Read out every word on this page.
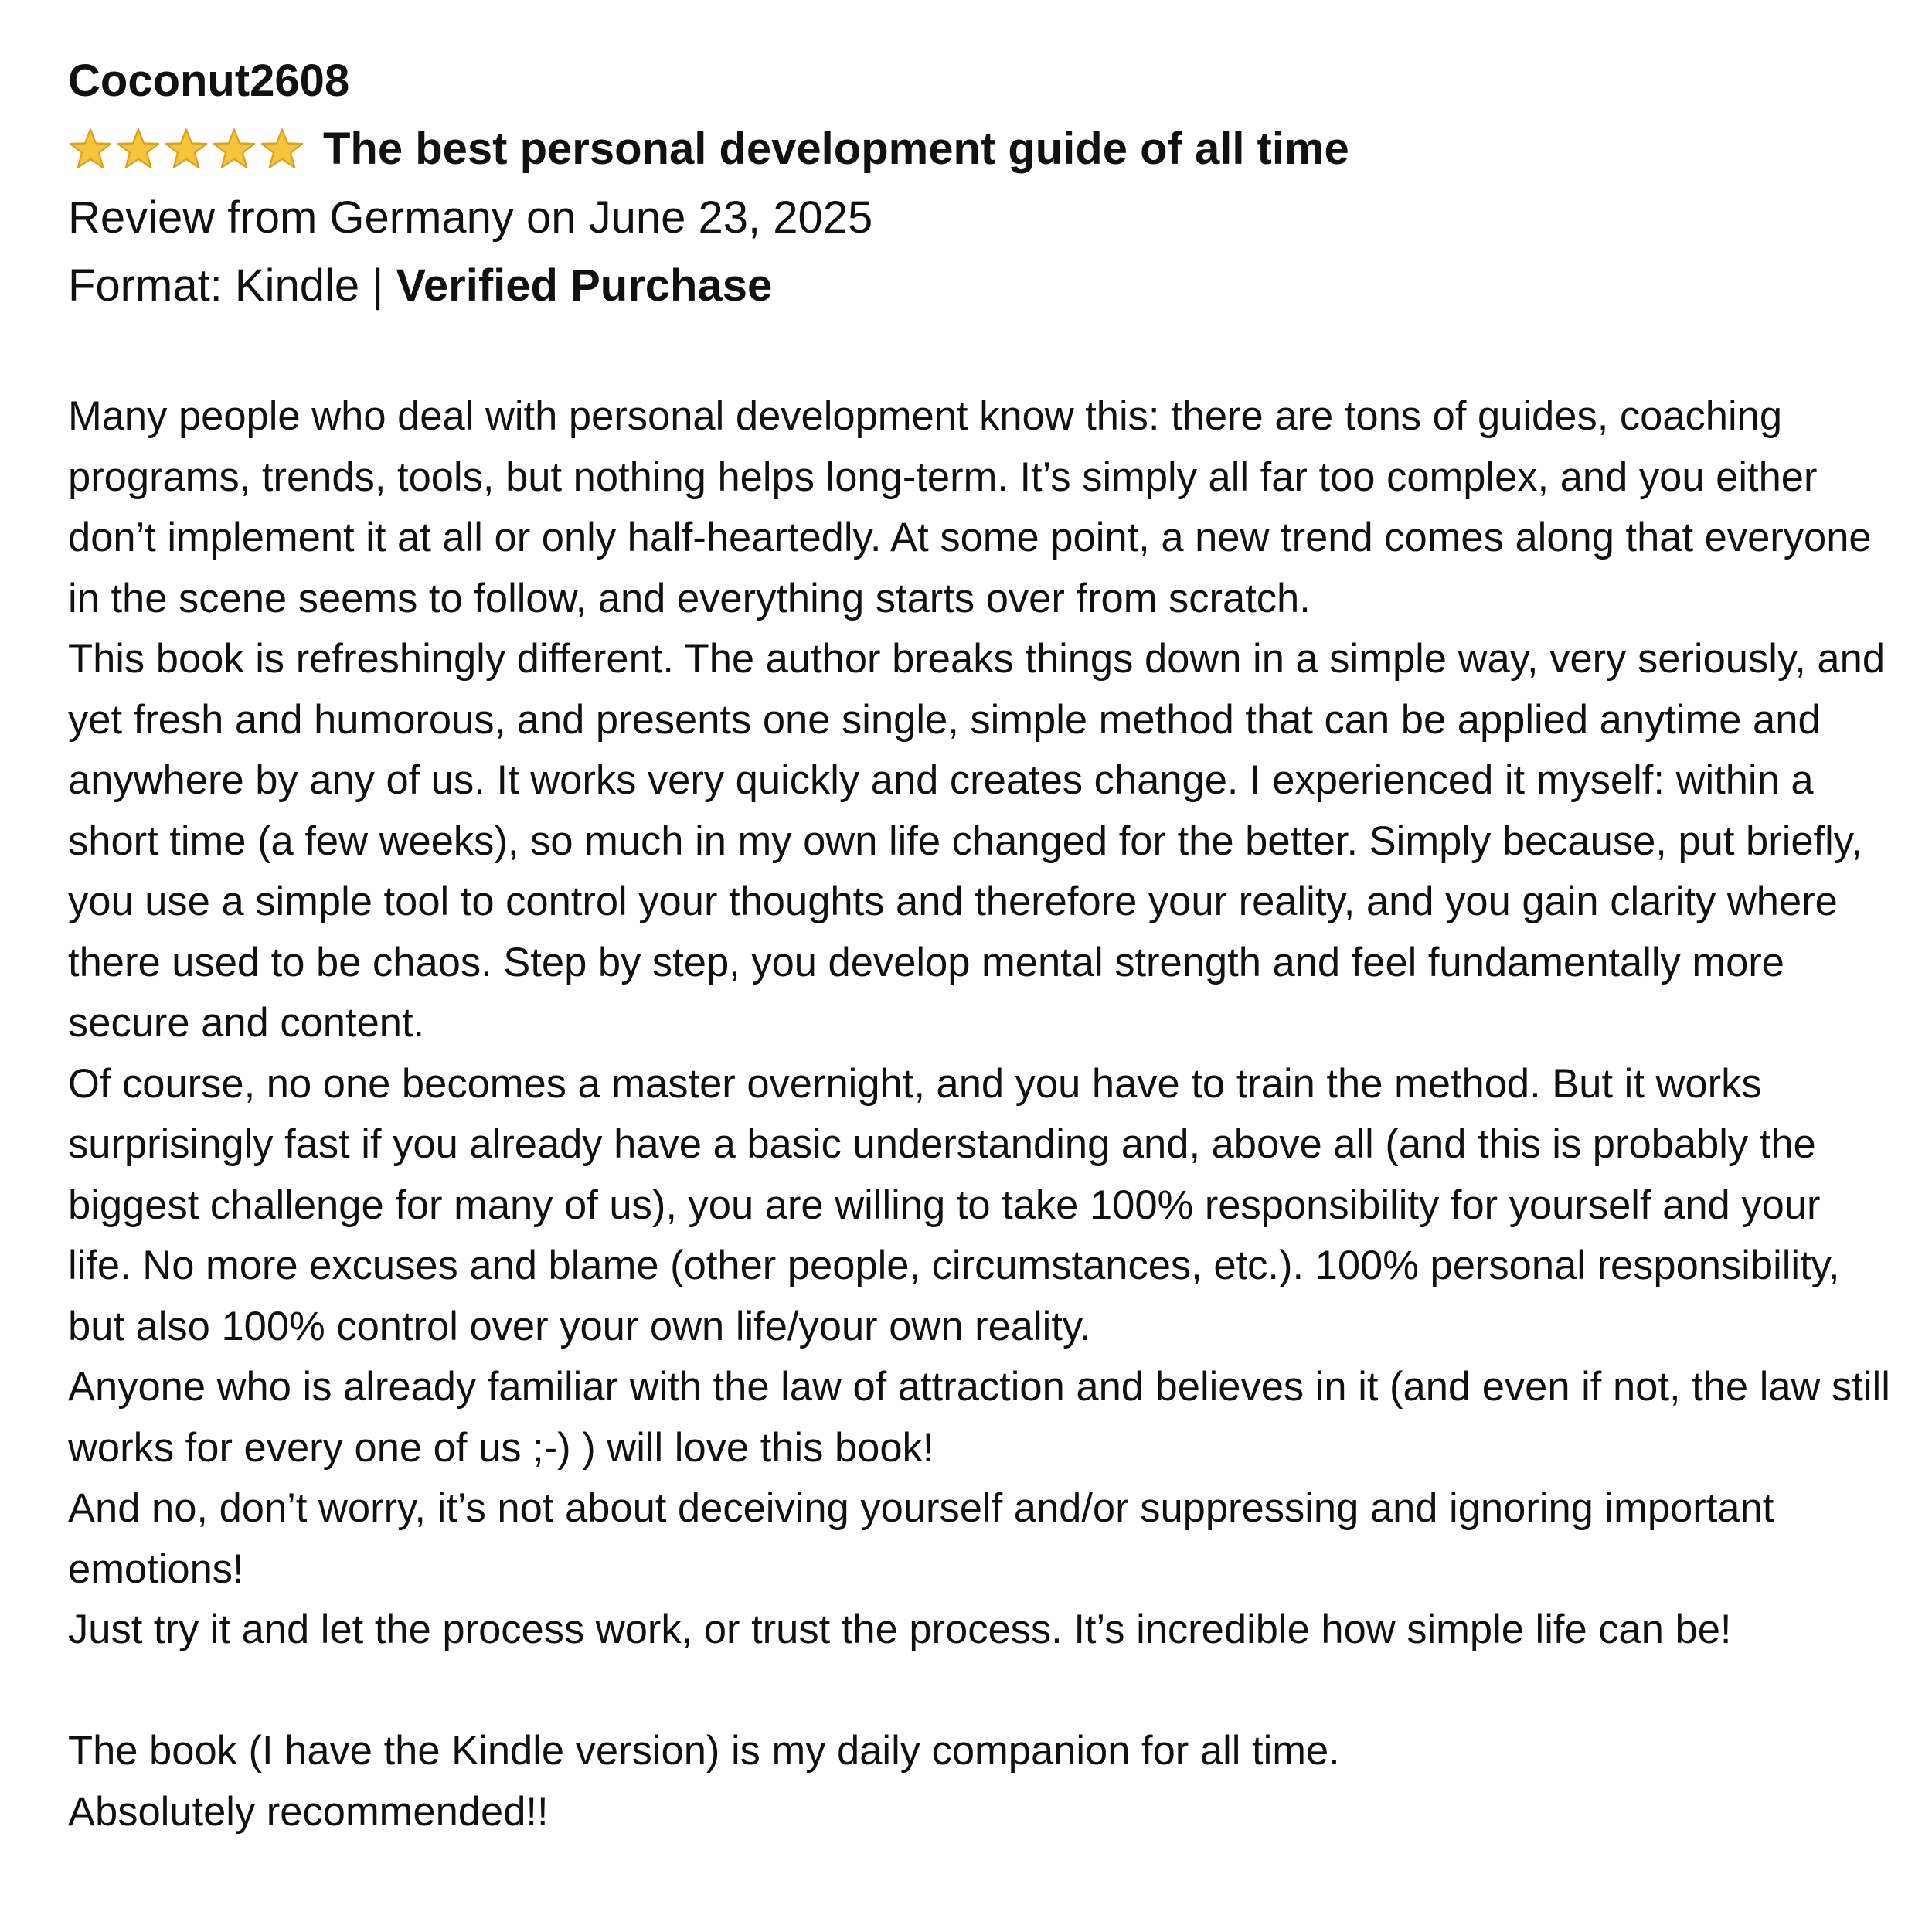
Coconut2608
The best personal development guide of all time

Review from Germany on June 23, 2025

Format: Kindle | Verified Purchase

Many people who deal with personal development know this: there are tons of guides, coaching programs, trends, tools, but nothing helps long-term. It’s simply all far too complex, and you either don’t implement it at all or only half-heartedly. At some point, a new trend comes along that everyone in the scene seems to follow, and everything starts over from scratch.

This book is refreshingly different. The author breaks things down in a simple way, very seriously, and yet fresh and humorous, and presents one single, simple method that can be applied anytime and anywhere by any of us. It works very quickly and creates change. I experienced it myself: within a short time (a few weeks), so much in my own life changed for the better. Simply because, put briefly, you use a simple tool to control your thoughts and therefore your reality, and you gain clarity where there used to be chaos. Step by step, you develop mental strength and feel fundamentally more secure and content.

Of course, no one becomes a master overnight, and you have to train the method. But it works surprisingly fast if you already have a basic understanding and, above all (and this is probably the biggest challenge for many of us), you are willing to take 100% responsibility for yourself and your life. No more excuses and blame (other people, circumstances, etc.). 100% personal responsibility, but also 100% control over your own life/your own reality.

Anyone who is already familiar with the law of attraction and believes in it (and even if not, the law still works for every one of us ;-) ) will love this book!

And no, don’t worry, it’s not about deceiving yourself and/or suppressing and ignoring important emotions!

Just try it and let the process work, or trust the process. It’s incredible how simple life can be!

The book (I have the Kindle version) is my daily companion for all time.

Absolutely recommended!!
